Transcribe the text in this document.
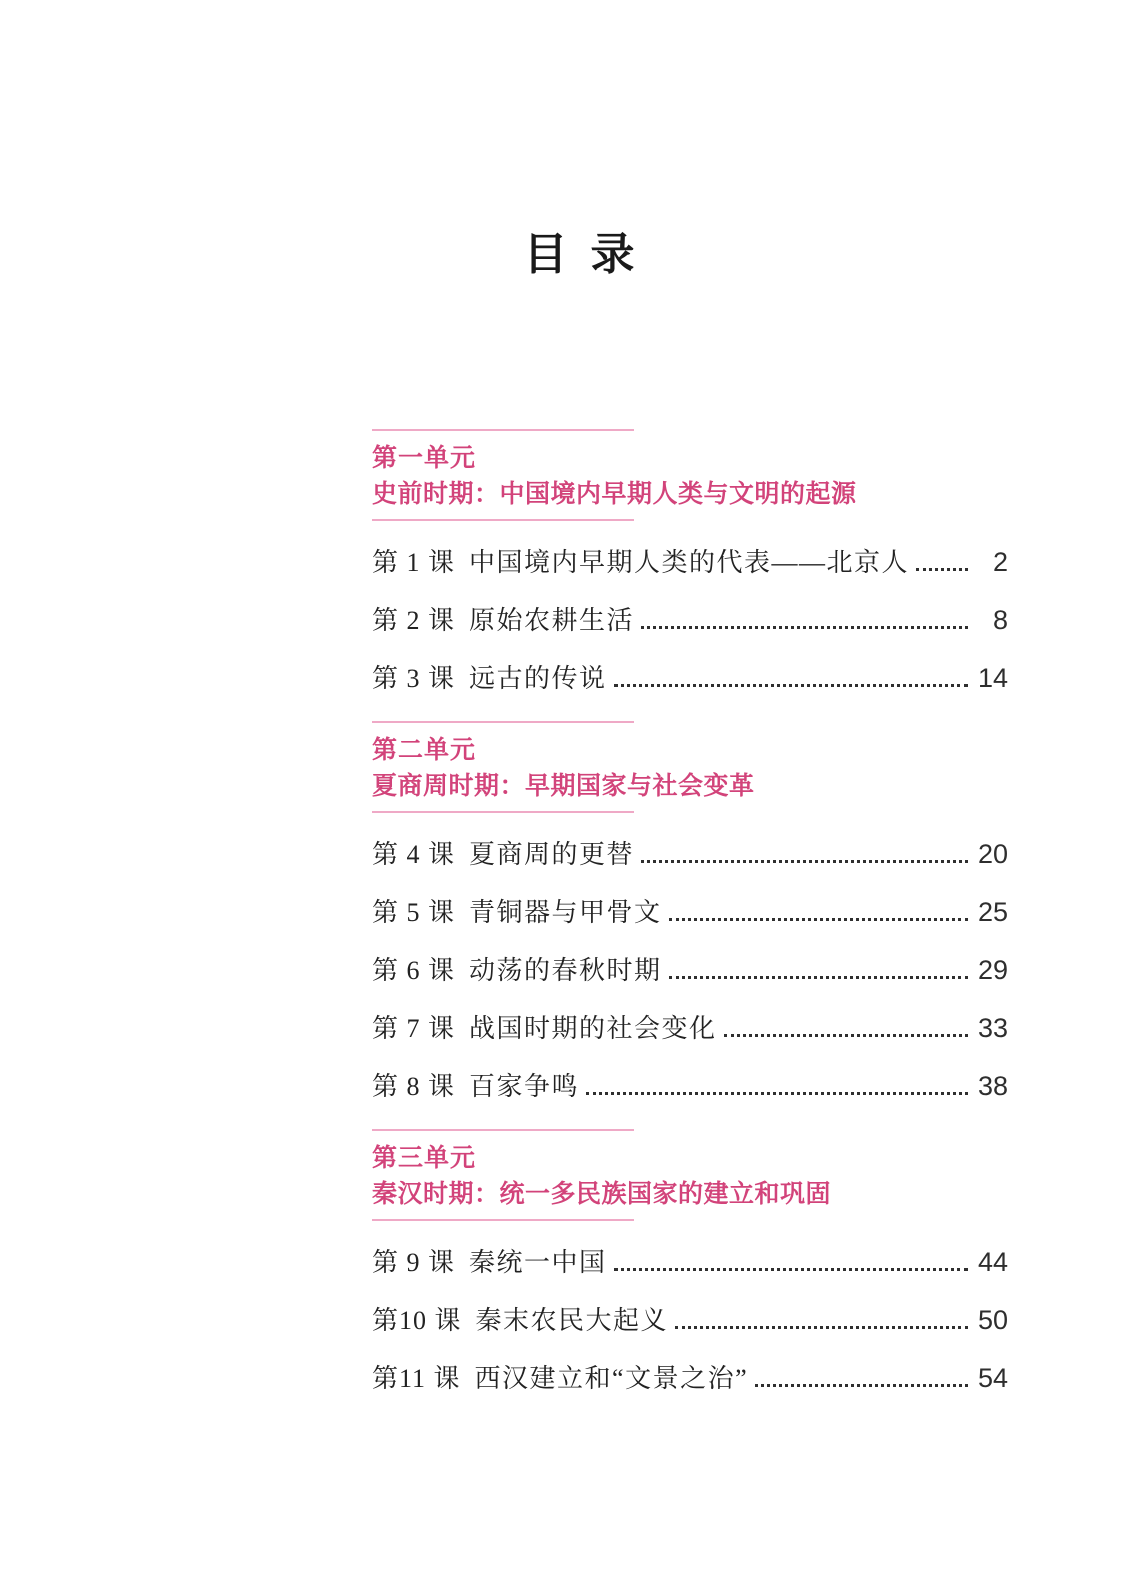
目 录
第一单元
史前时期：中国境内早期人类与文明的起源
第 1 课 中国境内早期人类的代表——北京人	2
第 2 课 原始农耕生活	8
第 3 课 远古的传说	14
第二单元
夏商周时期：早期国家与社会变革
第 4 课 夏商周的更替	20
第 5 课 青铜器与甲骨文	25
第 6 课 动荡的春秋时期	29
第 7 课 战国时期的社会变化	33
第 8 课 百家争鸣	38
第三单元
秦汉时期：统一多民族国家的建立和巩固
第 9 课 秦统一中国	44
第10 课 秦末农民大起义	50
第11 课 西汉建立和“文景之治”	54
